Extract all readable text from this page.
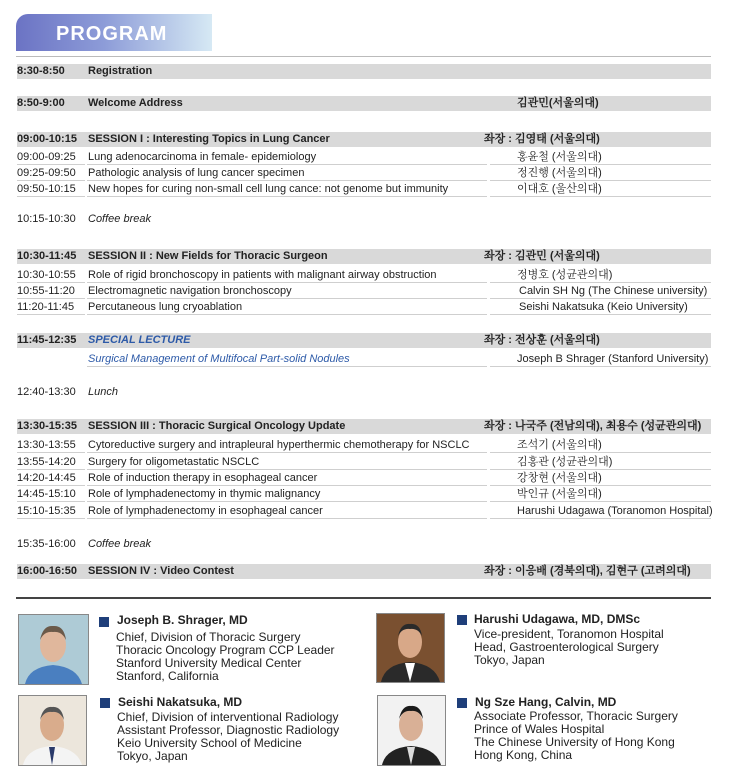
PROGRAM
8:30-8:50 Registration
8:50-9:00 Welcome Address	김관민(서울의대)
09:00-10:15 SESSION I : Interesting Topics in Lung Cancer	좌장 : 김영태 (서울의대)
09:00-09:25 Lung adenocarcinoma in female- epidemiology	홍윤철 (서울의대)
09:25-09:50 Pathologic analysis of lung cancer specimen	정진행 (서울의대)
09:50-10:15 New hopes for curing non-small cell lung cance: not genome but immunity	이대호 (울산의대)
10:15-10:30 Coffee break
10:30-11:45 SESSION II : New Fields for Thoracic Surgeon	좌장 : 김관민 (서울의대)
10:30-10:55 Role of rigid bronchoscopy in patients with malignant airway obstruction	정병호 (성균관의대)
10:55-11:20 Electromagnetic navigation bronchoscopy	Calvin SH Ng (The Chinese university)
11:20-11:45 Percutaneous lung cryoablation	Seishi Nakatsuka (Keio University)
11:45-12:35 SPECIAL LECTURE	좌장 : 전상훈 (서울의대)
Surgical Management of Multifocal Part-solid Nodules	Joseph B Shrager (Stanford University)
12:40-13:30 Lunch
13:30-15:35 SESSION III : Thoracic Surgical Oncology Update	좌장 : 나국주 (전남의대), 최용수 (성균관의대)
13:30-13:55 Cytoreductive surgery and intrapleural hyperthermic chemotherapy for NSCLC	조석기 (서울의대)
13:55-14:20 Surgery for oligometastatic NSCLC	김홍관 (성균관의대)
14:20-14:45 Role of induction therapy in esophageal cancer	강창현 (서울의대)
14:45-15:10 Role of lymphadenectomy in thymic malignancy	박인규 (서울의대)
15:10-15:35 Role of lymphadenectomy in esophageal cancer	Harushi Udagawa (Toranomon Hospital)
15:35-16:00 Coffee break
16:00-16:50 SESSION IV : Video Contest	좌장 : 이응배 (경북의대), 김현구 (고려의대)
Joseph B. Shrager, MD
Chief, Division of Thoracic Surgery
Thoracic Oncology Program CCP Leader
Stanford University Medical Center
Stanford, California
Harushi Udagawa, MD, DMSc
Vice-president, Toranomon Hospital
Head, Gastroenterological Surgery
Tokyo, Japan
Seishi Nakatsuka, MD
Chief, Division of interventional Radiology
Assistant Professor, Diagnostic Radiology
Keio University School of Medicine
Tokyo, Japan
Ng Sze Hang, Calvin, MD
Associate Professor, Thoracic Surgery
Prince of Wales Hospital
The Chinese University of Hong Kong
Hong Kong, China
